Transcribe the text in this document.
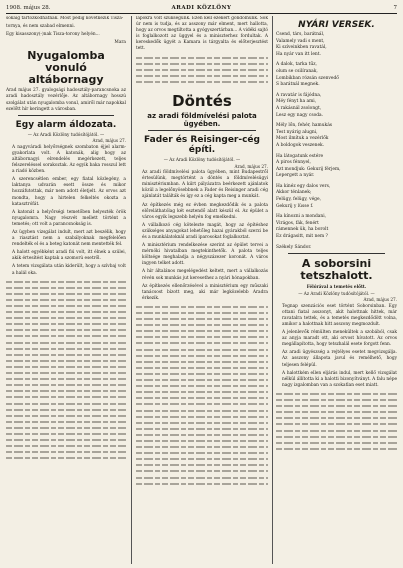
1908. május 28.	ARADI KÖZLÖNY	7

sokáig tartózkodhatnak. Most pedig következik Tisza-

tornya, és nem szabad elmenni.

Egy kisasszony(-)nak Tisza-torony helyén...

Mara

Nyugalomba vonuló altábornagy

Arad május 27. gyalogsági hadosztály-parancsnoka az aradi hadosztály vezérlője. Az altábornagy hosszú szolgálat után nyugalomba vonul, amiről már napokkal ezelőtt hír keringett a városban.

Egy alarm áldozata.
— Az Aradi Közlöny tudósítójától. —
Arad, május 27.

A nagyváradi helyőrségnek szombaton éjjel alarm-gyakorlata volt. A katonák, alig hogy az altábornagyi elrendelés megérkezett, teljes felszereléssel sorakoztak. Az egyik baka rosszul lett a riadó közben.

A szerencsétlen ember, egy fiatal közlegény, a laktanya udvarán esett össze és mikor hozzáfutottak, már nem adott életjelt. Az orvos azt mondta, hogy a hirtelen felkeltés okozta a katasztrófát.

A katonát a helyőrségi temetőben helyezték örök nyugalomra. Nagy részvét mellett történt a temetés; ott volt a parancsnokság is.

Az ügyben vizsgálat indult, mert azt beszélik, hogy a riasztást nem a szabályoknak megfelelően rendelték el és a beteg katonát nem mentették fel.

A halott egyébként aradi fiú volt, itt élnek a szülei, akik értesítést kaptak a szomorú esetről.

A tetem vizsgálata után kiderült, hogy a szívbaj volt a halál oka.

lapokra volt szükségünk. Ezen kell ezekért gondolnunk. Sok úr nem is tudja, és az asszony már elment, mert hallotta, hogy az orvos megtiltotta a gyógyszertárban... A vidéki sajtó is foglalkozott az üggyel és a miniszterhez fordultak. A kereskedők ügyét a Kamara is tárgyalta és előterjesztést tett.

Döntés
az aradi földmívelési palota ügyében.
Fader és Reisinger-cég építi.
— Az Aradi Közlöny tudósítójától. —
Arad, május 27.

Az aradi földmívelési palota ügyében, mint Budapestről értesülünk, megtörtént a döntés a földmívelésügyi minisztériumban. A kiírt pályázatra beérkezett ajánlatok közül a legelőnyösebbnek a Fader és Reisinger aradi cég ajánlatát találták és így ez a cég kapta meg a munkát.

Az építkezés még ez évben megkezdődik és a palota előreláthatólag két esztendő alatt készül el. Az épület a város egyik legszebb helyén fog emelkedni.

A vállalkozó cég kötelezte magát, hogy az építéshez szükséges anyagokat lehetőleg hazai gyárakból szerzi be és a munkálatoknál aradi iparosokat foglalkoztat.

A minisztérium rendelkezése szerint az épület tervei a mérnöki hivatalban megtekinthetők. A palota teljes költsége meghaladja a négyszázezer koronát. A város ingyen telket adott.

A hír általános megelégedést keltett, mert a vállalkozás révén sok munkás jut keresethez a nyári hónapokban.

Az építkezés ellenőrzésével a minisztérium egy műszaki tanácsost bízott meg, aki már legközelebb Aradra érkezik.

NYÁRI VERSEK.

Csend, társ, barátnál,

Valamely vadi s ment,

Ki szíveinkben ravatál,

Ha nyár van itt lent.

A dalok, tarka tűz,

olum se csilíranak,

Lombikban rózsán szenvedő

S barátnál megnek.

A ravatár is fájódna,

Méy fényt ha ami,

A rakásnál zsolongt,

Lesz egy nagy csoda.

Mély lőn, fehér, hamukás

Test nyárig alugni,

Most ilmítuk a vezérlők

A boldogok veszenek.

Ha látogatunk estére

A piros fénnyel,

Azt mondjuk: Gekurij férjem,

Lepergett a nyár.

Ha kinéz egy dalos vers,

Akkor ténlanek;

Felügy, felügy, vége,

Gekurij y lüsse f.

Ha kínozni a mondani,

Virágos, fák, fenért

rámennek ük, ha borolt

Ez drágasitt, mit nem ?

Székely Sándor.

A soborsini tetszhalott.
Félórával a temetés előtt.
— Az Aradi Közlöny tudósítójától. —
Arad, május 27.

Tegnap szenzációs eset történt Soborsinban. Egy ottani fiatal asszonyt, akit halottnak hittek, már ravatalra tettek, és a temetés megkezdődött volna, amikor a halottnak hitt asszony megmozdult.

A jelenlevők rémülten menekültek a szobából, csak az anyja maradt ott, aki orvost hívatott. Az orvos megállapította, hogy tetszhalál esete forgott fenn.

Az aradi ügyészség a rejtélyes esetet megvizsgálja. Az asszony állapota javul és remélhető, hogy teljesen felépül.

A halottkém ellen eljárás indul, mert kellő vizsgálat nélkül állította ki a halotti bizonyítványt. A falu népe nagy izgalomban van a szokatlan eset miatt.
